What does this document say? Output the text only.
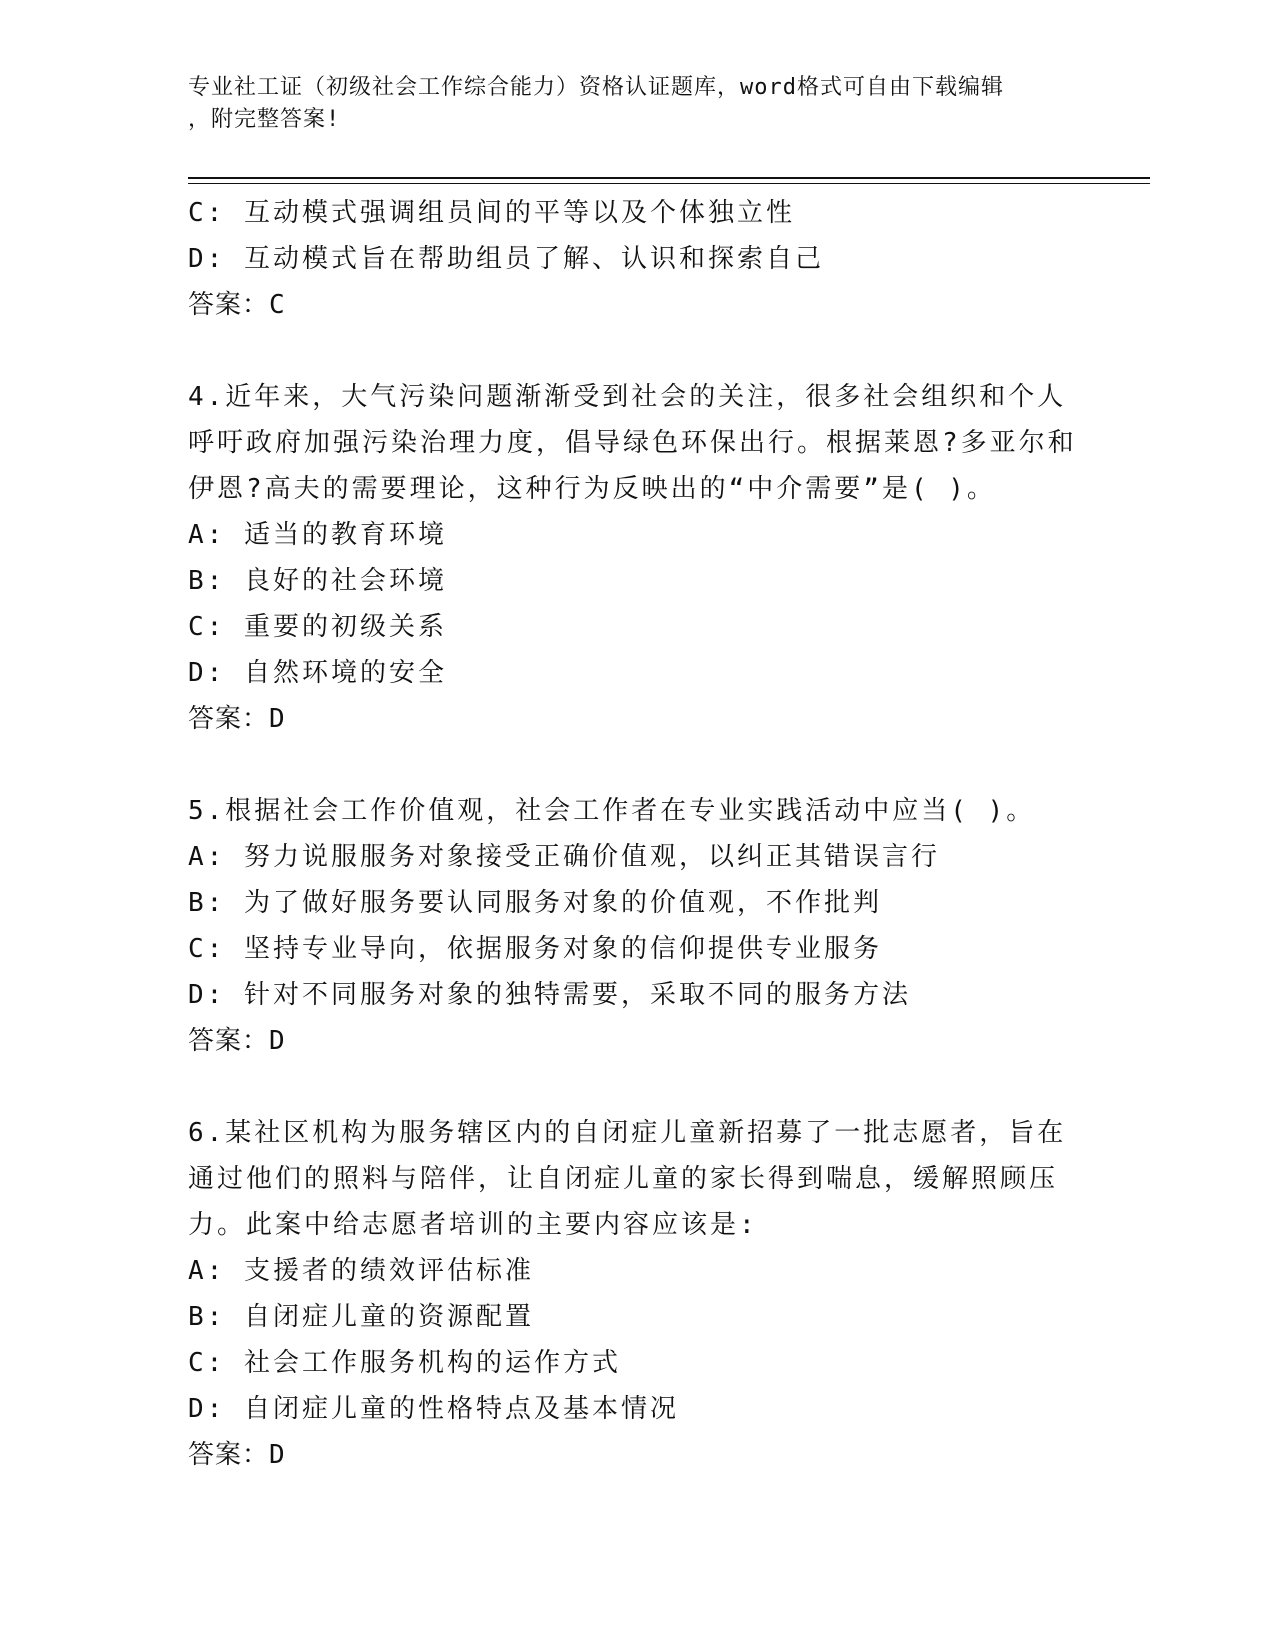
专业社工证（初级社会工作综合能力）资格认证题库，word格式可自由下载编辑
，附完整答案!
C: 互动模式强调组员间的平等以及个体独立性
D: 互动模式旨在帮助组员了解、认识和探索自己
答案：C
4.近年来，大气污染问题渐渐受到社会的关注，很多社会组织和个人
呼吁政府加强污染治理力度，倡导绿色环保出行。根据莱恩?多亚尔和
伊恩?高夫的需要理论，这种行为反映出的“中介需要”是( )。
A: 适当的教育环境
B: 良好的社会环境
C: 重要的初级关系
D: 自然环境的安全
答案：D
5.根据社会工作价值观，社会工作者在专业实践活动中应当( )。
A: 努力说服服务对象接受正确价值观，以纠正其错误言行
B: 为了做好服务要认同服务对象的价值观，不作批判
C: 坚持专业导向，依据服务对象的信仰提供专业服务
D: 针对不同服务对象的独特需要，采取不同的服务方法
答案：D
6.某社区机构为服务辖区内的自闭症儿童新招募了一批志愿者，旨在
通过他们的照料与陪伴，让自闭症儿童的家长得到喘息，缓解照顾压
力。此案中给志愿者培训的主要内容应该是:
A: 支援者的绩效评估标准
B: 自闭症儿童的资源配置
C: 社会工作服务机构的运作方式
D: 自闭症儿童的性格特点及基本情况
答案：D
